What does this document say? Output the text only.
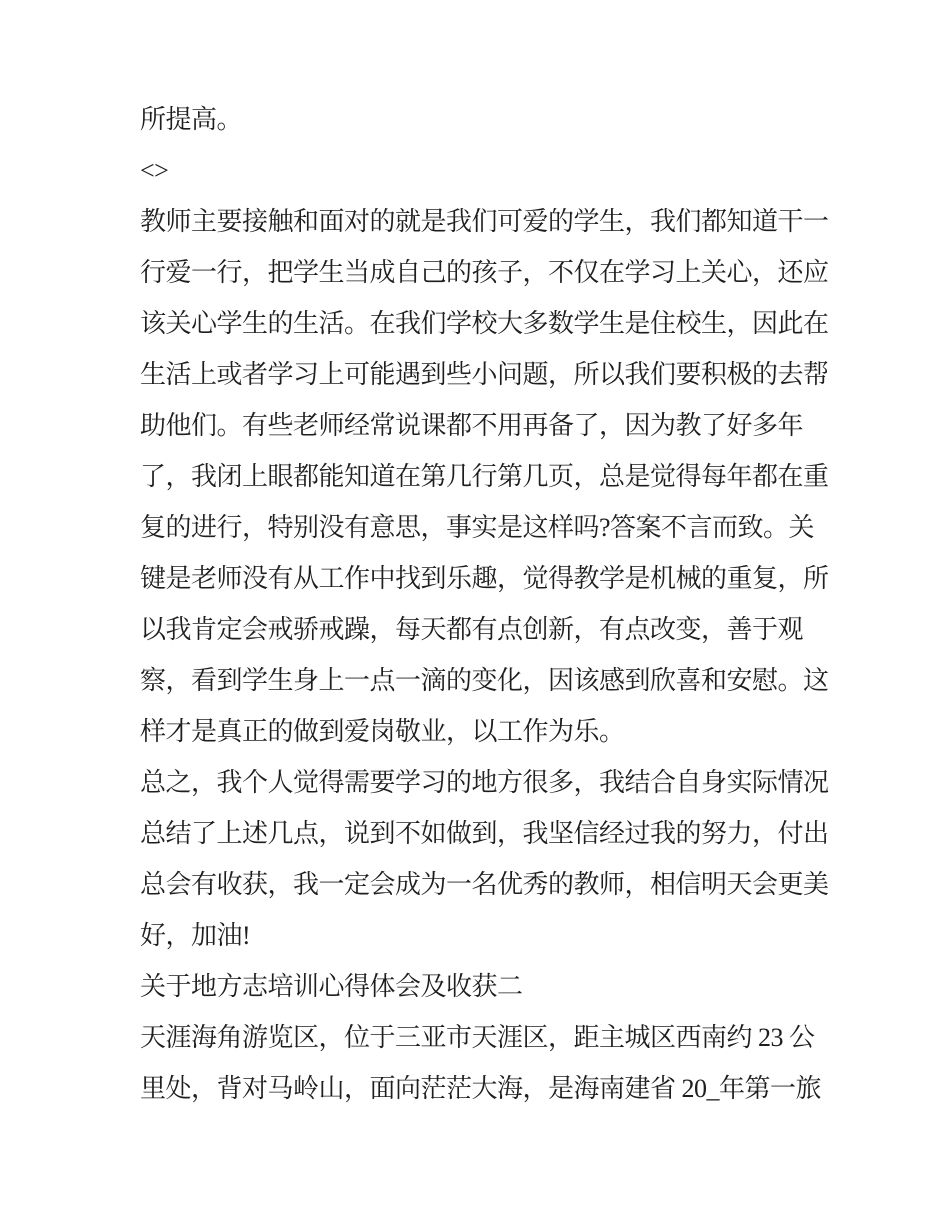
所提高。
<>
教师主要接触和面对的就是我们可爱的学生，我们都知道干一
行爱一行，把学生当成自己的孩子，不仅在学习上关心，还应
该关心学生的生活。在我们学校大多数学生是住校生，因此在
生活上或者学习上可能遇到些小问题，所以我们要积极的去帮
助他们。有些老师经常说课都不用再备了，因为教了好多年
了，我闭上眼都能知道在第几行第几页，总是觉得每年都在重
复的进行，特别没有意思，事实是这样吗?答案不言而致。关
键是老师没有从工作中找到乐趣，觉得教学是机械的重复，所
以我肯定会戒骄戒躁，每天都有点创新，有点改变，善于观
察，看到学生身上一点一滴的变化，因该感到欣喜和安慰。这
样才是真正的做到爱岗敬业，以工作为乐。
总之，我个人觉得需要学习的地方很多，我结合自身实际情况
总结了上述几点，说到不如做到，我坚信经过我的努力，付出
总会有收获，我一定会成为一名优秀的教师，相信明天会更美
好，加油!
关于地方志培训心得体会及收获二
天涯海角游览区，位于三亚市天涯区，距主城区西南约 23 公
里处，背对马岭山，面向茫茫大海，是海南建省 20_年第一旅
